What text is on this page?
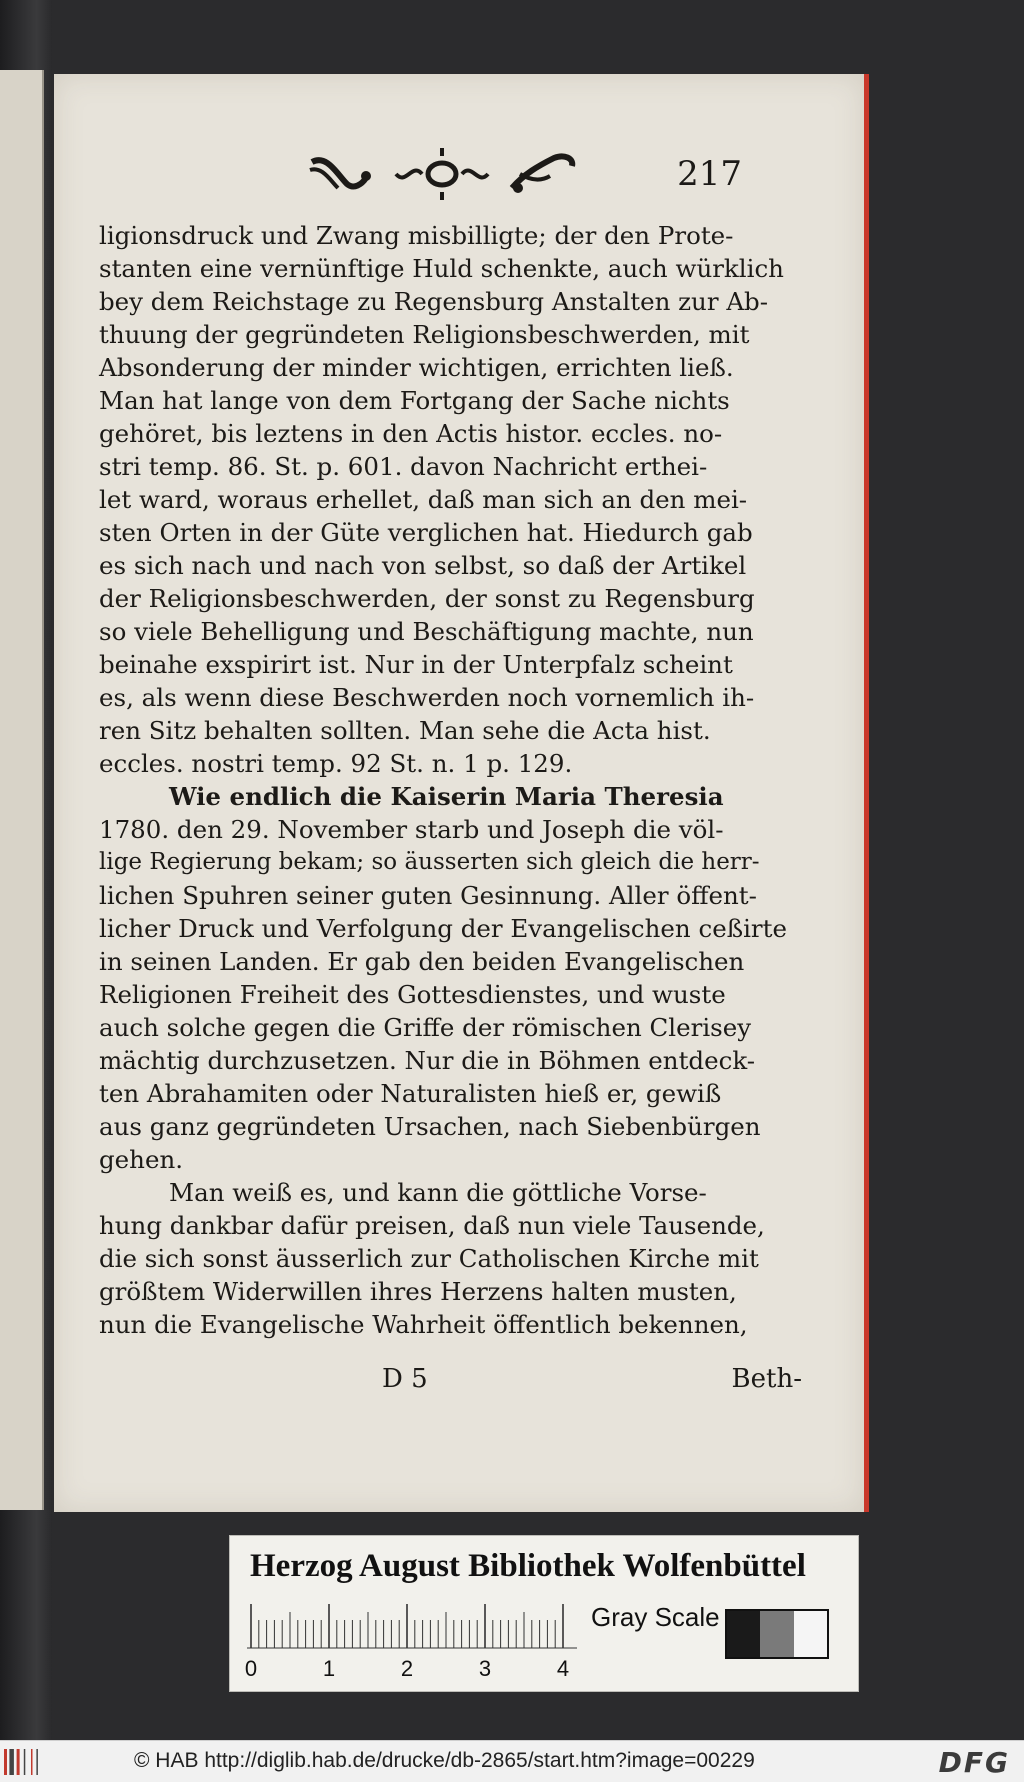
217
ligionsdruck und Zwang misbilligte; der den Prote-
stanten eine vernünftige Huld schenkte, auch würklich
bey dem Reichstage zu Regensburg Anstalten zur Ab-
thuung der gegründeten Religionsbeschwerden, mit
Absonderung der minder wichtigen, errichten ließ.
Man hat lange von dem Fortgang der Sache nichts
gehöret, bis leztens in den Actis histor. eccles. no-
stri temp. 86. St. p. 601. davon Nachricht erthei-
let ward, woraus erhellet, daß man sich an den mei-
sten Orten in der Güte verglichen hat. Hiedurch gab
es sich nach und nach von selbst, so daß der Artikel
der Religionsbeschwerden, der sonst zu Regensburg
so viele Behelligung und Beschäftigung machte, nun
beinahe exspirirt ist. Nur in der Unterpfalz scheint
es, als wenn diese Beschwerden noch vornemlich ih-
ren Sitz behalten sollten. Man sehe die Acta hist.
eccles. nostri temp. 92 St. n. 1 p. 129.
Wie endlich die Kaiserin Maria Theresia
1780. den 29. November starb und Joseph die völ-
lige Regierung bekam; so äusserten sich gleich die herr-
lichen Spuhren seiner guten Gesinnung. Aller öffent-
licher Druck und Verfolgung der Evangelischen ceßirte
in seinen Landen. Er gab den beiden Evangelischen
Religionen Freiheit des Gottesdienstes, und wuste
auch solche gegen die Griffe der römischen Clerisey
mächtig durchzusetzen. Nur die in Böhmen entdeck-
ten Abrahamiten oder Naturalisten hieß er, gewiß
aus ganz gegründeten Ursachen, nach Siebenbürgen
gehen.
Man weiß es, und kann die göttliche Vorse-
hung dankbar dafür preisen, daß nun viele Tausende,
die sich sonst äusserlich zur Catholischen Kirche mit
größtem Widerwillen ihres Herzens halten musten,
nun die Evangelische Wahrheit öffentlich bekennen,
D 5	Beth-
Herzog August Bibliothek Wolfenbüttel
0	1	2	3	4
Gray Scale
© HAB http://diglib.hab.de/drucke/db-2865/start.htm?image=00229	DFG
